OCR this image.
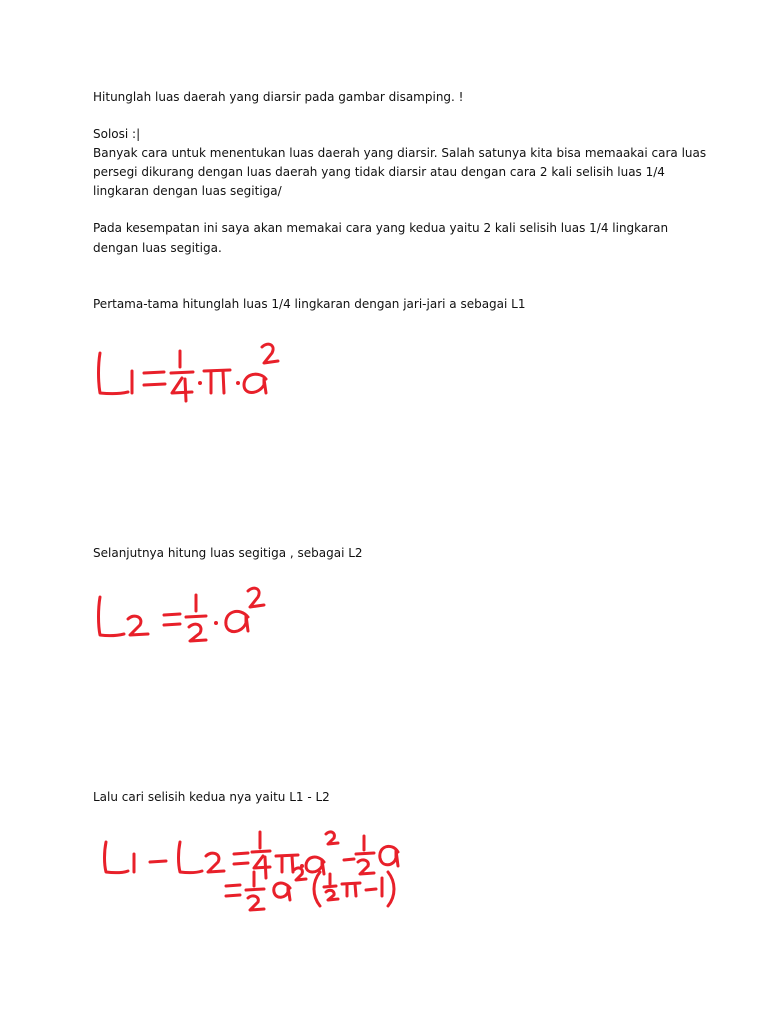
Hitunglah luas daerah yang diarsir pada gambar disamping. !

Solosi :|

Banyak cara untuk menentukan luas daerah yang diarsir. Salah satunya kita bisa memaakai cara luas

persegi dikurang dengan luas daerah yang tidak diarsir atau dengan cara 2 kali selisih luas 1/4

lingkaran dengan luas segitiga/

Pada kesempatan ini saya akan memakai cara yang kedua yaitu 2 kali selisih luas 1/4 lingkaran

dengan luas segitiga.

Pertama-tama hitunglah luas 1/4 lingkaran dengan jari-jari a sebagai L1

Selanjutnya hitung luas segitiga , sebagai L2

Lalu cari selisih kedua nya yaitu L1 - L2
